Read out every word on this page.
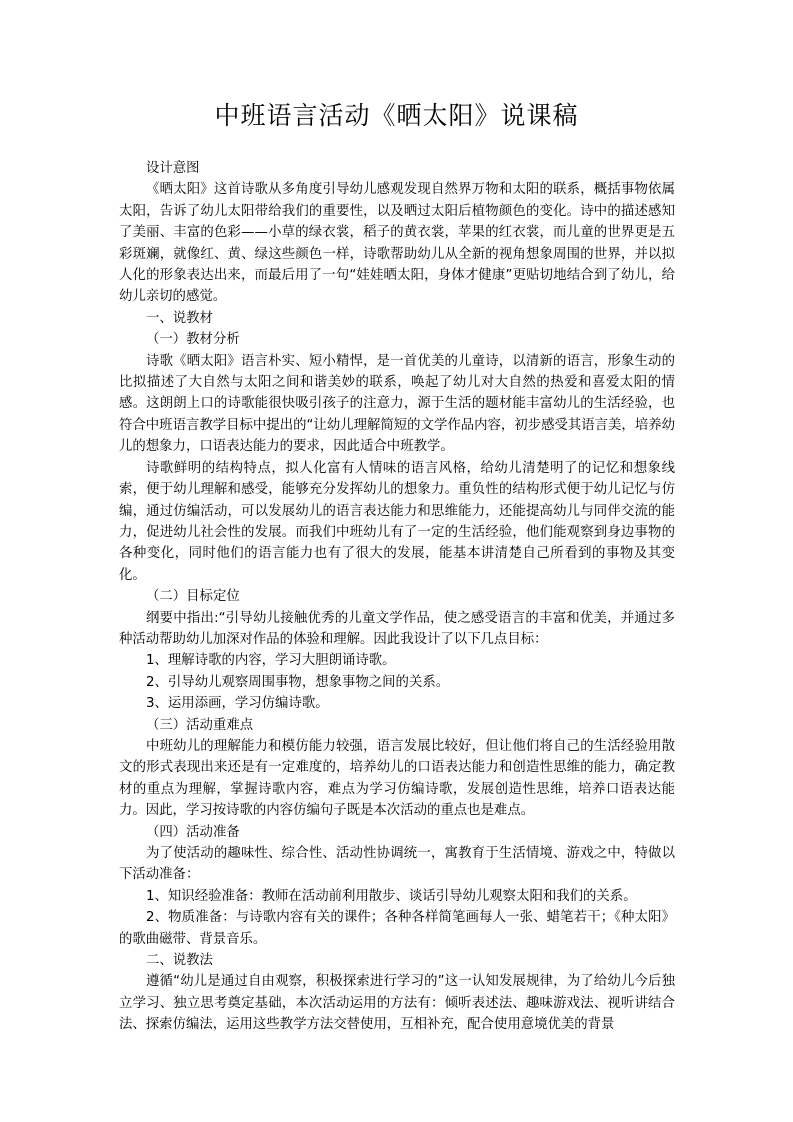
中班语言活动《晒太阳》说课稿

设计意图

《晒太阳》这首诗歌从多角度引导幼儿感观发现自然界万物和太阳的联系，概括事物依属太阳，告诉了幼儿太阳带给我们的重要性，以及晒过太阳后植物颜色的变化。诗中的描述感知了美丽、丰富的色彩——小草的绿衣裳，稻子的黄衣裳，苹果的红衣裳，而儿童的世界更是五彩斑斓，就像红、黄、绿这些颜色一样，诗歌帮助幼儿从全新的视角想象周围的世界，并以拟人化的形象表达出来，而最后用了一句“娃娃晒太阳，身体才健康”更贴切地结合到了幼儿，给幼儿亲切的感觉。

一、说教材

（一）教材分析

诗歌《晒太阳》语言朴实、短小精悍，是一首优美的儿童诗，以清新的语言，形象生动的比拟描述了大自然与太阳之间和谐美妙的联系，唤起了幼儿对大自然的热爱和喜爱太阳的情感。这朗朗上口的诗歌能很快吸引孩子的注意力，源于生活的题材能丰富幼儿的生活经验，也符合中班语言教学目标中提出的“让幼儿理解简短的文学作品内容，初步感受其语言美，培养幼儿的想象力，口语表达能力的要求，因此适合中班教学。

诗歌鲜明的结构特点，拟人化富有人情味的语言风格，给幼儿清楚明了的记忆和想象线索，便于幼儿理解和感受，能够充分发挥幼儿的想象力。重负性的结构形式便于幼儿记忆与仿编，通过仿编活动，可以发展幼儿的语言表达能力和思维能力，还能提高幼儿与同伴交流的能力，促进幼儿社会性的发展。而我们中班幼儿有了一定的生活经验，他们能观察到身边事物的各种变化，同时他们的语言能力也有了很大的发展，能基本讲清楚自己所看到的事物及其变化。

（二）目标定位

纲要中指出:“引导幼儿接触优秀的儿童文学作品，使之感受语言的丰富和优美，并通过多种活动帮助幼儿加深对作品的体验和理解。因此我设计了以下几点目标：

1、理解诗歌的内容，学习大胆朗诵诗歌。

2、引导幼儿观察周围事物，想象事物之间的关系。

3、运用添画，学习仿编诗歌。

（三）活动重难点

中班幼儿的理解能力和模仿能力较强，语言发展比较好，但让他们将自己的生活经验用散文的形式表现出来还是有一定难度的，培养幼儿的口语表达能力和创造性思维的能力，确定教材的重点为理解，掌握诗歌内容，难点为学习仿编诗歌，发展创造性思维，培养口语表达能力。因此，学习按诗歌的内容仿编句子既是本次活动的重点也是难点。

（四）活动准备

为了使活动的趣味性、综合性、活动性协调统一，寓教育于生活情境、游戏之中，特做以下活动准备：

1、知识经验准备：教师在活动前利用散步、谈话引导幼儿观察太阳和我们的关系。

2、物质准备：与诗歌内容有关的课件；各种各样简笔画每人一张、蜡笔若干；《种太阳》的歌曲磁带、背景音乐。

二、说教法

遵循“幼儿是通过自由观察，积极探索进行学习的”这一认知发展规律，为了给幼儿今后独立学习、独立思考奠定基础，本次活动运用的方法有：倾听表述法、趣味游戏法、视听讲结合法、探索仿编法，运用这些教学方法交替使用，互相补充，配合使用意境优美的背景
